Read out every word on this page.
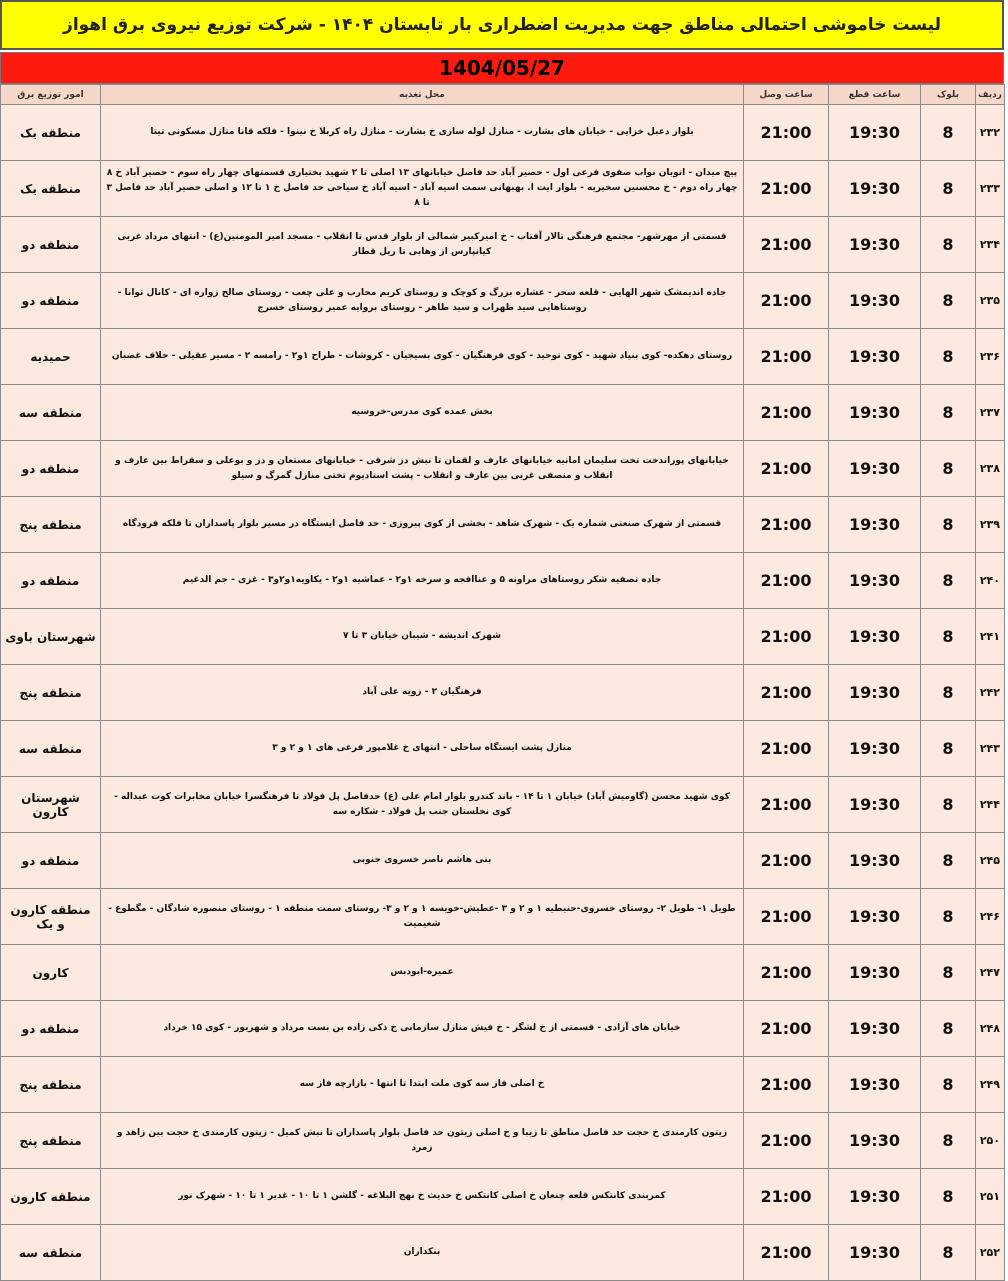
لیست خاموشی احتمالی مناطق جهت مدیریت اضطراری بار تابستان ۱۴۰۴ - شرکت توزیع نیروی برق اهواز
1404/05/27
ردیف	بلوک	ساعت قطع	ساعت وصل	محل تغذیه	امور توزیع برق
۲۳۲	8	19:30	21:00	بلوار دعبل خزایی - خیابان های بشارت - منازل لوله سازی خ بشارت - منازل راه کربلا خ نینوا - فلکه قانا منازل مسکونی تیتا	منطقه یک
۲۳۳	8	19:30	21:00	پیچ میدان - اتوبان نواب صفوی فرعی اول - حصیر آباد حد فاصل خیابانهای ۱۳ اصلی تا ۲ شهید بختیاری قسمتهای چهار راه سوم - حصیر آباد خ ۸ چهار راه دوم - خ محسنین سخیریه - بلوار ایت ا. بهبهانی سمت اسیه آباد - اسیه آباد خ سیاحی حد فاصل خ ۱ تا ۱۲ و اصلی حصیر آباد حد فاصل ۳ تا ۸	منطقه یک
۲۳۴	8	19:30	21:00	قسمتی از مهرشهر- مجتمع فرهنگی تالار آفتاب - خ امیرکبیر شمالی از بلوار قدس تا انقلاب - مسجد امیر المومنین(ع) - انتهای مرداد غربی کیانپارس از وهابی تا ریل قطار	منطقه دو
۲۳۵	8	19:30	21:00	جاده اندیمشک شهر الهایی - قلعه سحر - عشاره بزرگ و کوچک و روستای کریم محارب و علی چعب - روستای صالح زواره ای - کانال توانا - روستاهایی سید ظهراب و سید طاهر - روستای بروایه عمیر روستای خسرج	منطقه دو
۲۳۶	8	19:30	21:00	روستای دهکده- کوی بنیاد شهید - کوی توحید - کوی فرهنگیان - کوی بسیجیان - کروشات - طراح ۱و۲ - رامسه ۲ - مسیر عقیلی - حلاف غضبان	حمیدیه
۲۳۷	8	19:30	21:00	بخش عمده کوی مدرس-خروسیه	منطقه سه
۲۳۸	8	19:30	21:00	خیابانهای پوراندخت تخت سلیمان امانیه خیابانهای عارف و لقمان تا نبش دز شرقی - خیابانهای مستعان و دز و بوعلی و سقراط بین عارف و انقلاب و منصفی غربی بین عارف و انقلاب - پشت استادیوم تختی منازل گمرگ و سیلو	منطقه دو
۲۳۹	8	19:30	21:00	قسمتی از شهرک صنعتی شماره یک - شهرک شاهد - بخشی از کوی پیروزی - حد فاصل ایستگاه در مسیر بلوار پاسداران تا فلکه فرودگاه	منطقه پنج
۲۴۰	8	19:30	21:00	جاده تصفیه شکر روستاهای مراونه ۵ و عناافجه و سرخه ۱و۲ - عماشیه ۱و۲ - یکاویه۱و۲و۳ - غزی - جم الدغیم	منطقه دو
۲۴۱	8	19:30	21:00	شهرک اندیشه - شیبان خیابان ۳ تا ۷	شهرستان باوی
۲۴۲	8	19:30	21:00	فرهنگیان ۲ - زویه علی آباد	منطقه پنج
۲۴۳	8	19:30	21:00	منازل پشت ایستگاه ساحلی - انتهای خ غلامپور فرعی های ۱ و ۲ و ۳	منطقه سه
۲۴۴	8	19:30	21:00	کوی شهید محسن (گاومیش آباد) خیابان ۱ تا ۱۴ - باند کندرو بلوار امام علی (ع) حدفاصل پل فولاد تا فرهنگسرا خیابان مخابرات کوت عبداله - کوی نخلستان جنب پل فولاد - شکاره سه	شهرستان کارون
۲۴۵	8	19:30	21:00	بنی هاشم ناصر خسروی جنوبی	منطقه دو
۲۴۶	8	19:30	21:00	طویل ۱- طویل ۲- روستای خسروی-حنیطیه ۱ و ۲ و ۳ -عطیش-خویسه ۱ و ۲ و ۳- روستای سمت منطقه ۱ - روستای منصوره شادگان - مگطوع - شعیمیت	منطقه کارون و یک
۲۴۷	8	19:30	21:00	عمیره-ابودبس	کارون
۲۴۸	8	19:30	21:00	خیابان های آزادی - قسمتی از خ لشگر - خ فیش منازل سازمانی خ ذکی زاده بن بست مرداد و شهریور - کوی ۱۵ خرداد	منطقه دو
۲۴۹	8	19:30	21:00	خ اصلی فاز سه کوی ملت ابتدا تا انتها - بازارچه فاز سه	منطقه پنج
۲۵۰	8	19:30	21:00	زیتون کارمندی خ حجت حد فاصل مناطق تا زیبا و خ اصلی زیتون حد فاصل بلوار پاسداران تا نبش کمیل - زیتون کارمندی خ حجت بین زاهد و زمرد	منطقه پنج
۲۵۱	8	19:30	21:00	کمربندی کانتکس قلعه چنعان خ اصلی کانتکس خ حدیث خ نهج البلاغه - گلشن ۱ تا ۱۰ - غدیر ۱ تا ۱۰ - شهرک نور	منطقه کارون
۲۵۲	8	19:30	21:00	بنکداران	منطقه سه
